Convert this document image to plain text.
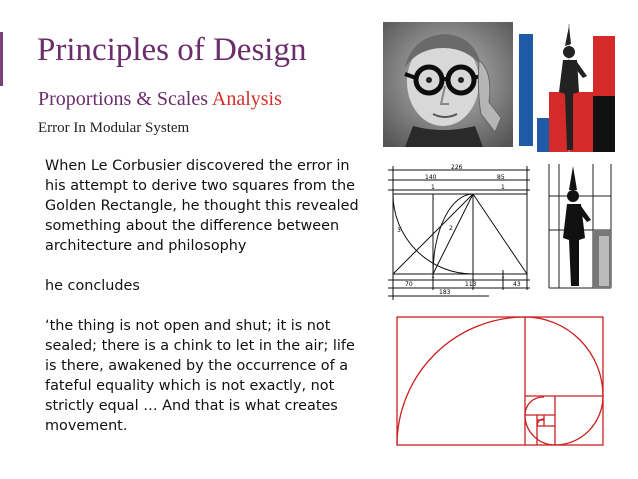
Principles of Design
Proportions & Scales Analysis
Error In Modular System

When Le Corbusier discovered the error in his attempt to derive two squares from the Golden Rectangle, he thought this revealed something about the difference between architecture and philosophy

he concludes

‘the thing is not open and shut; it is not sealed; there is a chink to let in the air; life is there, awakened by the occurrence of a fateful equality which is not exactly, not strictly equal … And that is what creates movement.

226
140	85
1	1
3	2
1	1
70	113	43
183
